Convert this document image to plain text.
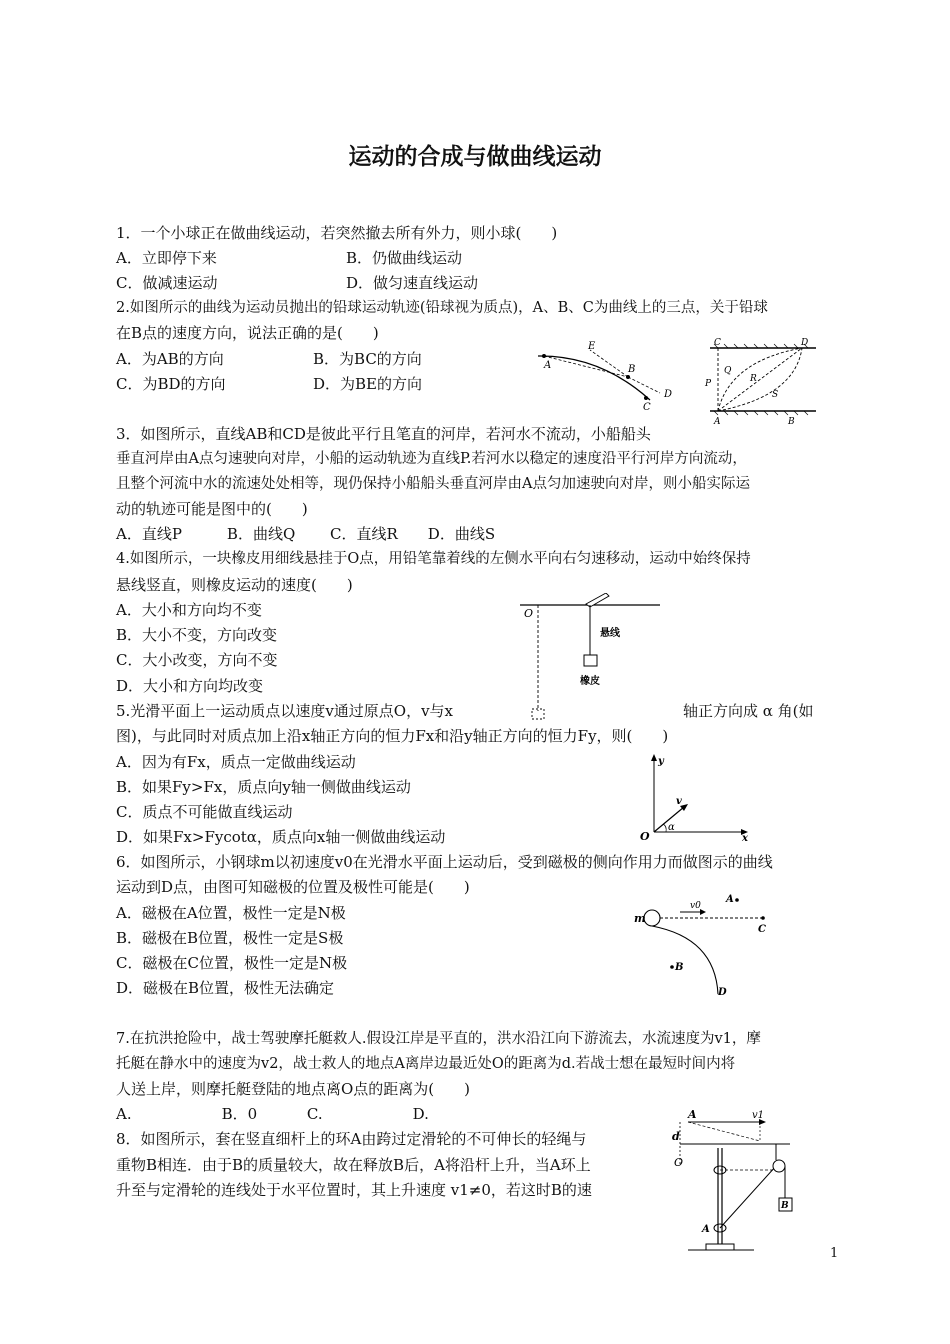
运动的合成与做曲线运动
1．一个小球正在做曲线运动，若突然撤去所有外力，则小球(　　)
A．立即停下来	B．仍做曲线运动
C．做减速运动	D．做匀速直线运动
2.如图所示的曲线为运动员抛出的铅球运动轨迹(铅球视为质点)，A、B、C为曲线上的三点，关于铅球
在B点的速度方向，说法正确的是(　　)
A．为AB的方向	B．为BC的方向
C．为BD的方向	D．为BE的方向
A	B
C
D
E	C	D
P
Q
R
S
A	B
3．如图所示，直线AB和CD是彼此平行且笔直的河岸，若河水不流动，小船船头
垂直河岸由A点匀速驶向对岸，小船的运动轨迹为直线P.若河水以稳定的速度沿平行河岸方向流动，
且整个河流中水的流速处处相等，现仍保持小船船头垂直河岸由A点匀加速驶向对岸，则小船实际运
动的轨迹可能是图中的(　　)
A．直线P　　　B．曲线Q　　 C．直线R　　D．曲线S
4.如图所示，一块橡皮用细线悬挂于O点，用铅笔靠着线的左侧水平向右匀速移动，运动中始终保持
悬线竖直，则橡皮运动的速度(　　)
A．大小和方向均不变
B．大小不变，方向改变
C．大小改变，方向不变
D．大小和方向均改变
O
悬线
橡皮
5.光滑平面上一运动质点以速度v通过原点O，v与x	轴正方向成 α 角(如
图)，与此同时对质点加上沿x轴正方向的恒力Fx和沿y轴正方向的恒力Fy，则(　　)
A．因为有Fx，质点一定做曲线运动
B．如果Fy>Fx，质点向y轴一侧做曲线运动
C．质点不可能做直线运动
D．如果Fx>Fycotα，质点向x轴一侧做曲线运动
y
x
O
v
α
6．如图所示，小钢球m以初速度v0在光滑水平面上运动后，受到磁极的侧向作用力而做图示的曲线
运动到D点，由图可知磁极的位置及极性可能是(　　)
A．磁极在A位置，极性一定是N极
B．磁极在B位置，极性一定是S极
C．磁极在C位置，极性一定是N极
D．磁极在B位置，极性无法确定
m
v0
A
C
B
D
7.在抗洪抢险中，战士驾驶摩托艇救人.假设江岸是平直的，洪水沿江向下游流去，水流速度为v1，摩
托艇在静水中的速度为v2，战士救人的地点A离岸边最近处O的距离为d.若战士想在最短时间内将
人送上岸，则摩托艇登陆的地点离O点的距离为(　　)
A.　　　　　　B．0　　 　C.　　　　　　D.
8．如图所示，套在竖直细杆上的环A由跨过定滑轮的不可伸长的轻绳与
重物B相连．由于B的质量较大，故在释放B后，A将沿杆上升，当A环上
升至与定滑轮的连线处于水平位置时，其上升速度 v1≠0，若这时B的速
A	v1
d
O
B
A
1
